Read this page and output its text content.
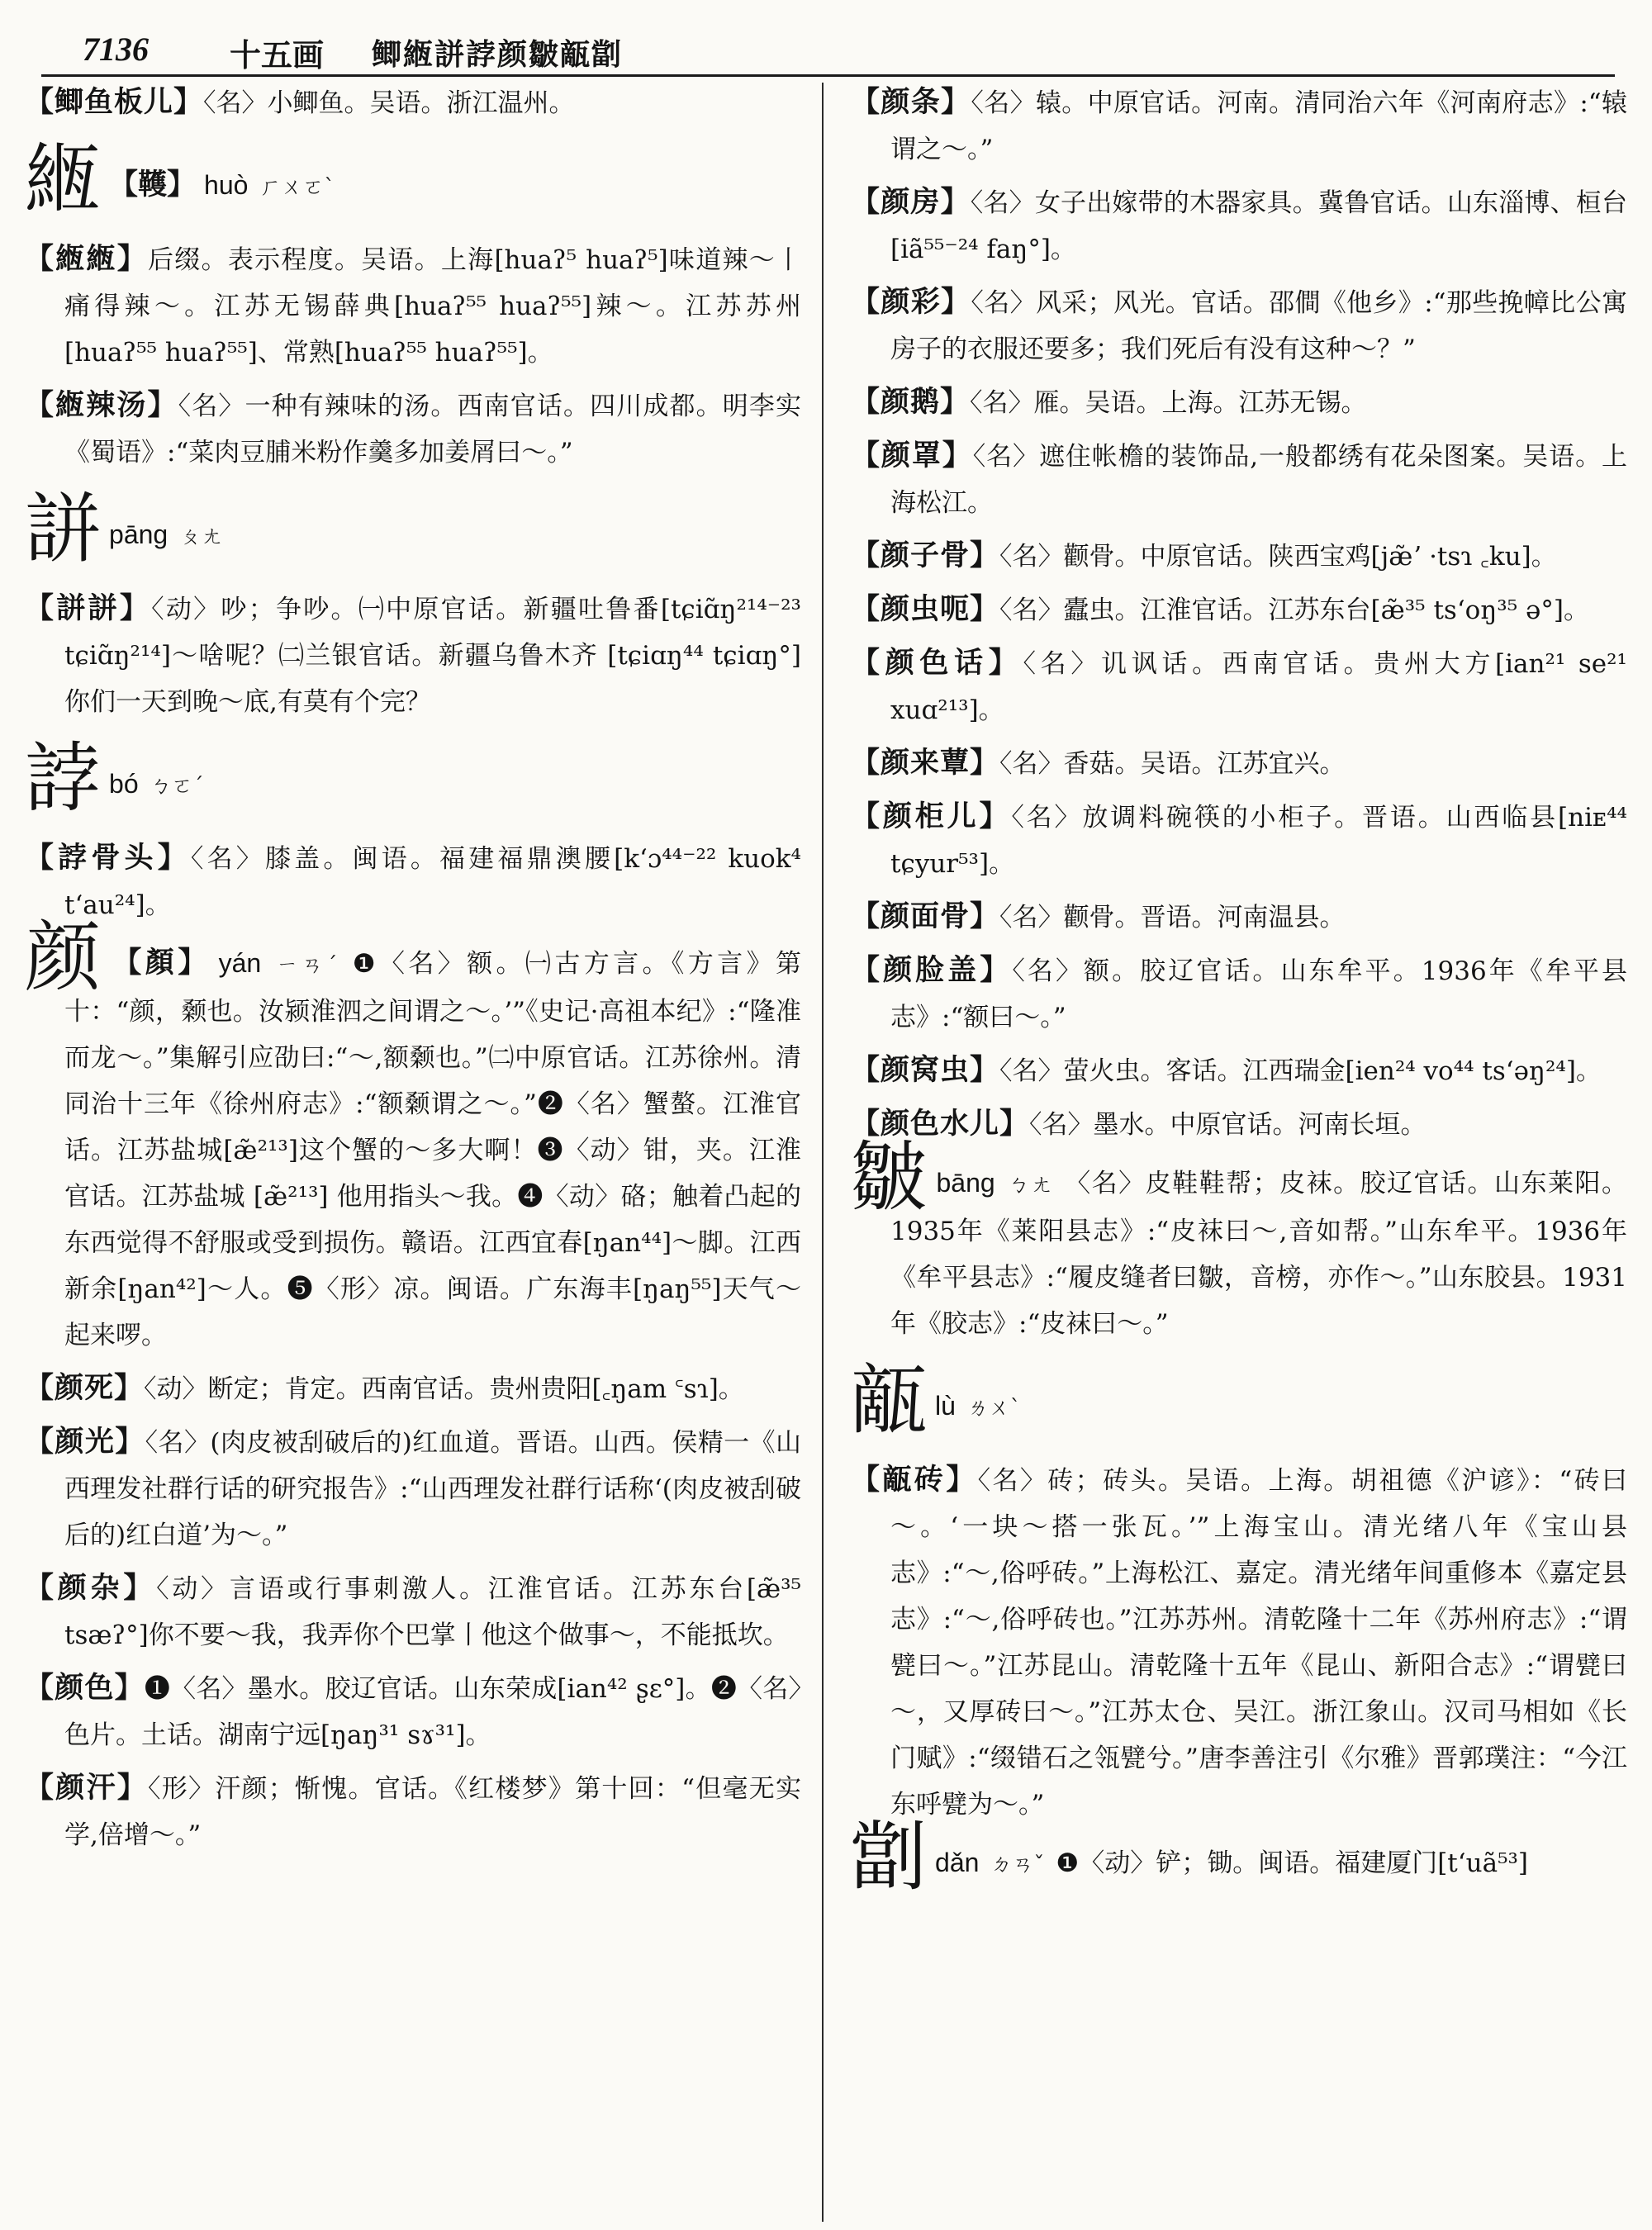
7136	十五画 鲫緪誁誖颜皺甋劏
【鲫鱼板儿】〈名〉小鲫鱼。吴语。浙江温州。
緪 【韄】 huò ㄏㄨㄛˋ
【緪緪】后缀。表示程度。吴语。上海[huaʔ⁵ huaʔ⁵]味道辣～丨痛得辣～。江苏无锡薛典[huaʔ⁵⁵ huaʔ⁵⁵]辣～。江苏苏州 [huaʔ⁵⁵ huaʔ⁵⁵]、常熟[huaʔ⁵⁵ huaʔ⁵⁵]。
【緪辣汤】〈名〉一种有辣味的汤。西南官话。四川成都。明李实《蜀语》:“菜肉豆脯米粉作羹多加姜屑曰～。”
誁pāng ㄆㄤ
【誁誁】〈动〉吵；争吵。㈠中原官话。新疆吐鲁番[tɕiɑ̃ŋ²¹⁴⁻²³ tɕiɑ̃ŋ²¹⁴]～啥呢？㈡兰银官话。新疆乌鲁木齐 [tɕiɑŋ⁴⁴ tɕiɑŋ°]你们一天到晚～底,有莫有个完？
誖bó ㄅㄛˊ
【誖骨头】〈名〉膝盖。闽语。福建福鼎澳腰[k‘ɔ⁴⁴⁻²² kuok⁴ t‘au²⁴]。
颜 【顏】 yán ㄧㄢˊ ❶〈名〉额。㈠古方言。《方言》第十：“颜，颡也。汝颍淮泗之间谓之～。’”《史记·高祖本纪》:“隆准而龙～。”集解引应劭曰:“～,额颡也。”㈡中原官话。江苏徐州。清同治十三年《徐州府志》:“额颡谓之～。”❷〈名〉蟹螯。江淮官话。江苏盐城[æ̃²¹³]这个蟹的～多大啊！❸〈动〉钳，夹。江淮官话。江苏盐城 [æ̃²¹³] 他用指头～我。❹〈动〉硌；触着凸起的东西觉得不舒服或受到损伤。赣语。江西宜春[ŋan⁴⁴]～脚。江西新余[ŋan⁴²]～人。❺〈形〉凉。闽语。广东海丰[ŋaŋ⁵⁵]天气～起来啰。
【颜死】〈动〉断定；肯定。西南官话。贵州贵阳[꜀ŋam ꜂sɿ]。
【颜光】〈名〉(肉皮被刮破后的)红血道。晋语。山西。侯精一《山西理发社群行话的研究报告》:“山西理发社群行话称‘(肉皮被刮破后的)红白道’为～。”
【颜杂】〈动〉言语或行事刺激人。江淮官话。江苏东台[æ̃³⁵ tsæʔ°]你不要～我，我弄你个巴掌丨他这个做事～，不能抵坎。
【颜色】❶〈名〉墨水。胶辽官话。山东荣成[ian⁴² ʂɛ°]。❷〈名〉色片。土话。湖南宁远[ŋaŋ³¹ sɤ³¹]。
【颜汗】〈形〉汗颜；惭愧。官话。《红楼梦》第十回：“但毫无实学,倍增～。”
【颜条】〈名〉辕。中原官话。河南。清同治六年《河南府志》:“辕谓之～。”
【颜房】〈名〉女子出嫁带的木器家具。冀鲁官话。山东淄博、桓台[iã⁵⁵⁻²⁴ faŋ°]。
【颜彩】〈名〉风采；风光。官话。邵僴《他乡》:“那些挽幛比公寓房子的衣服还要多；我们死后有没有这种～？”
【颜鹅】〈名〉雁。吴语。上海。江苏无锡。
【颜罩】〈名〉遮住帐檐的装饰品,一般都绣有花朵图案。吴语。上海松江。
【颜子骨】〈名〉颧骨。中原官话。陕西宝鸡[jæ̃ʼ ·tsɿ ꜀ku]。
【颜虫呃】〈名〉蠹虫。江淮官话。江苏东台[æ̃³⁵ ts‘oŋ³⁵ ə°]。
【颜色话】〈名〉讥讽话。西南官话。贵州大方[ian²¹ se²¹ xuɑ²¹³]。
【颜来蕈】〈名〉香菇。吴语。江苏宜兴。
【颜柜儿】〈名〉放调料碗筷的小柜子。晋语。山西临县[niᴇ⁴⁴ tɕyur⁵³]。
【颜面骨】〈名〉颧骨。晋语。河南温县。
【颜脸盖】〈名〉额。胶辽官话。山东牟平。1936年《牟平县志》:“额曰～。”
【颜窝虫】〈名〉萤火虫。客话。江西瑞金[ien²⁴ vo⁴⁴ ts‘əŋ²⁴]。
【颜色水儿】〈名〉墨水。中原官话。河南长垣。
皺bāng ㄅㄤ 〈名〉皮鞋鞋帮；皮袜。胶辽官话。山东莱阳。1935年《莱阳县志》:“皮袜曰～,音如帮。”山东牟平。1936年《牟平县志》:“履皮缝者曰皺，音榜，亦作～。”山东胶县。1931年《胶志》:“皮袜曰～。”
甋lù ㄌㄨˋ
【甋砖】〈名〉砖；砖头。吴语。上海。胡祖德《沪谚》：“砖曰～。‘一块～搭一张瓦。’”上海宝山。清光绪八年《宝山县志》:“～,俗呼砖。”上海松江、嘉定。清光绪年间重修本《嘉定县志》:“～,俗呼砖也。”江苏苏州。清乾隆十二年《苏州府志》:“谓甓曰～。”江苏昆山。清乾隆十五年《昆山、新阳合志》:“谓甓曰～，又厚砖曰～。”江苏太仓、吴江。浙江象山。汉司马相如《长门赋》:“缀错石之瓴甓兮。”唐李善注引《尔雅》晋郭璞注：“今江东呼甓为～。”
劏dǎn ㄉㄢˇ ❶〈动〉铲；锄。闽语。福建厦门[t‘uã⁵³]
